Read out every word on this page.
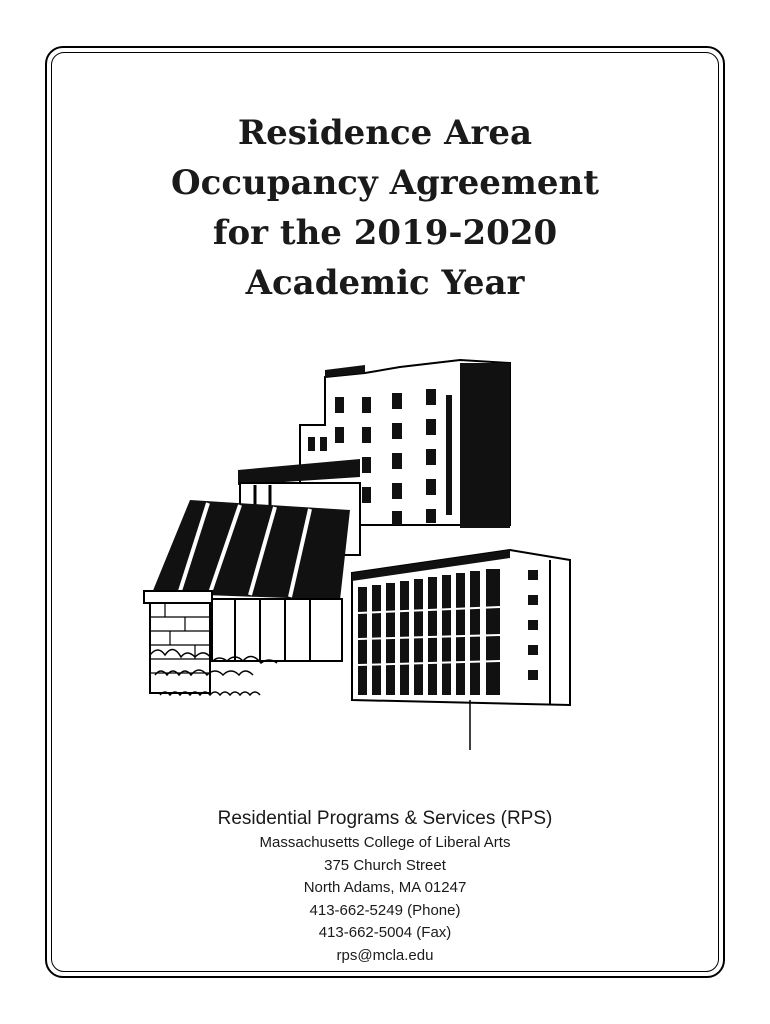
Residence Area
Occupancy Agreement
for the 2019-2020
Academic Year
Residential Programs & Services (RPS)
Massachusetts College of Liberal Arts
375 Church Street
North Adams, MA 01247
413-662-5249 (Phone)
413-662-5004 (Fax)
rps@mcla.edu
